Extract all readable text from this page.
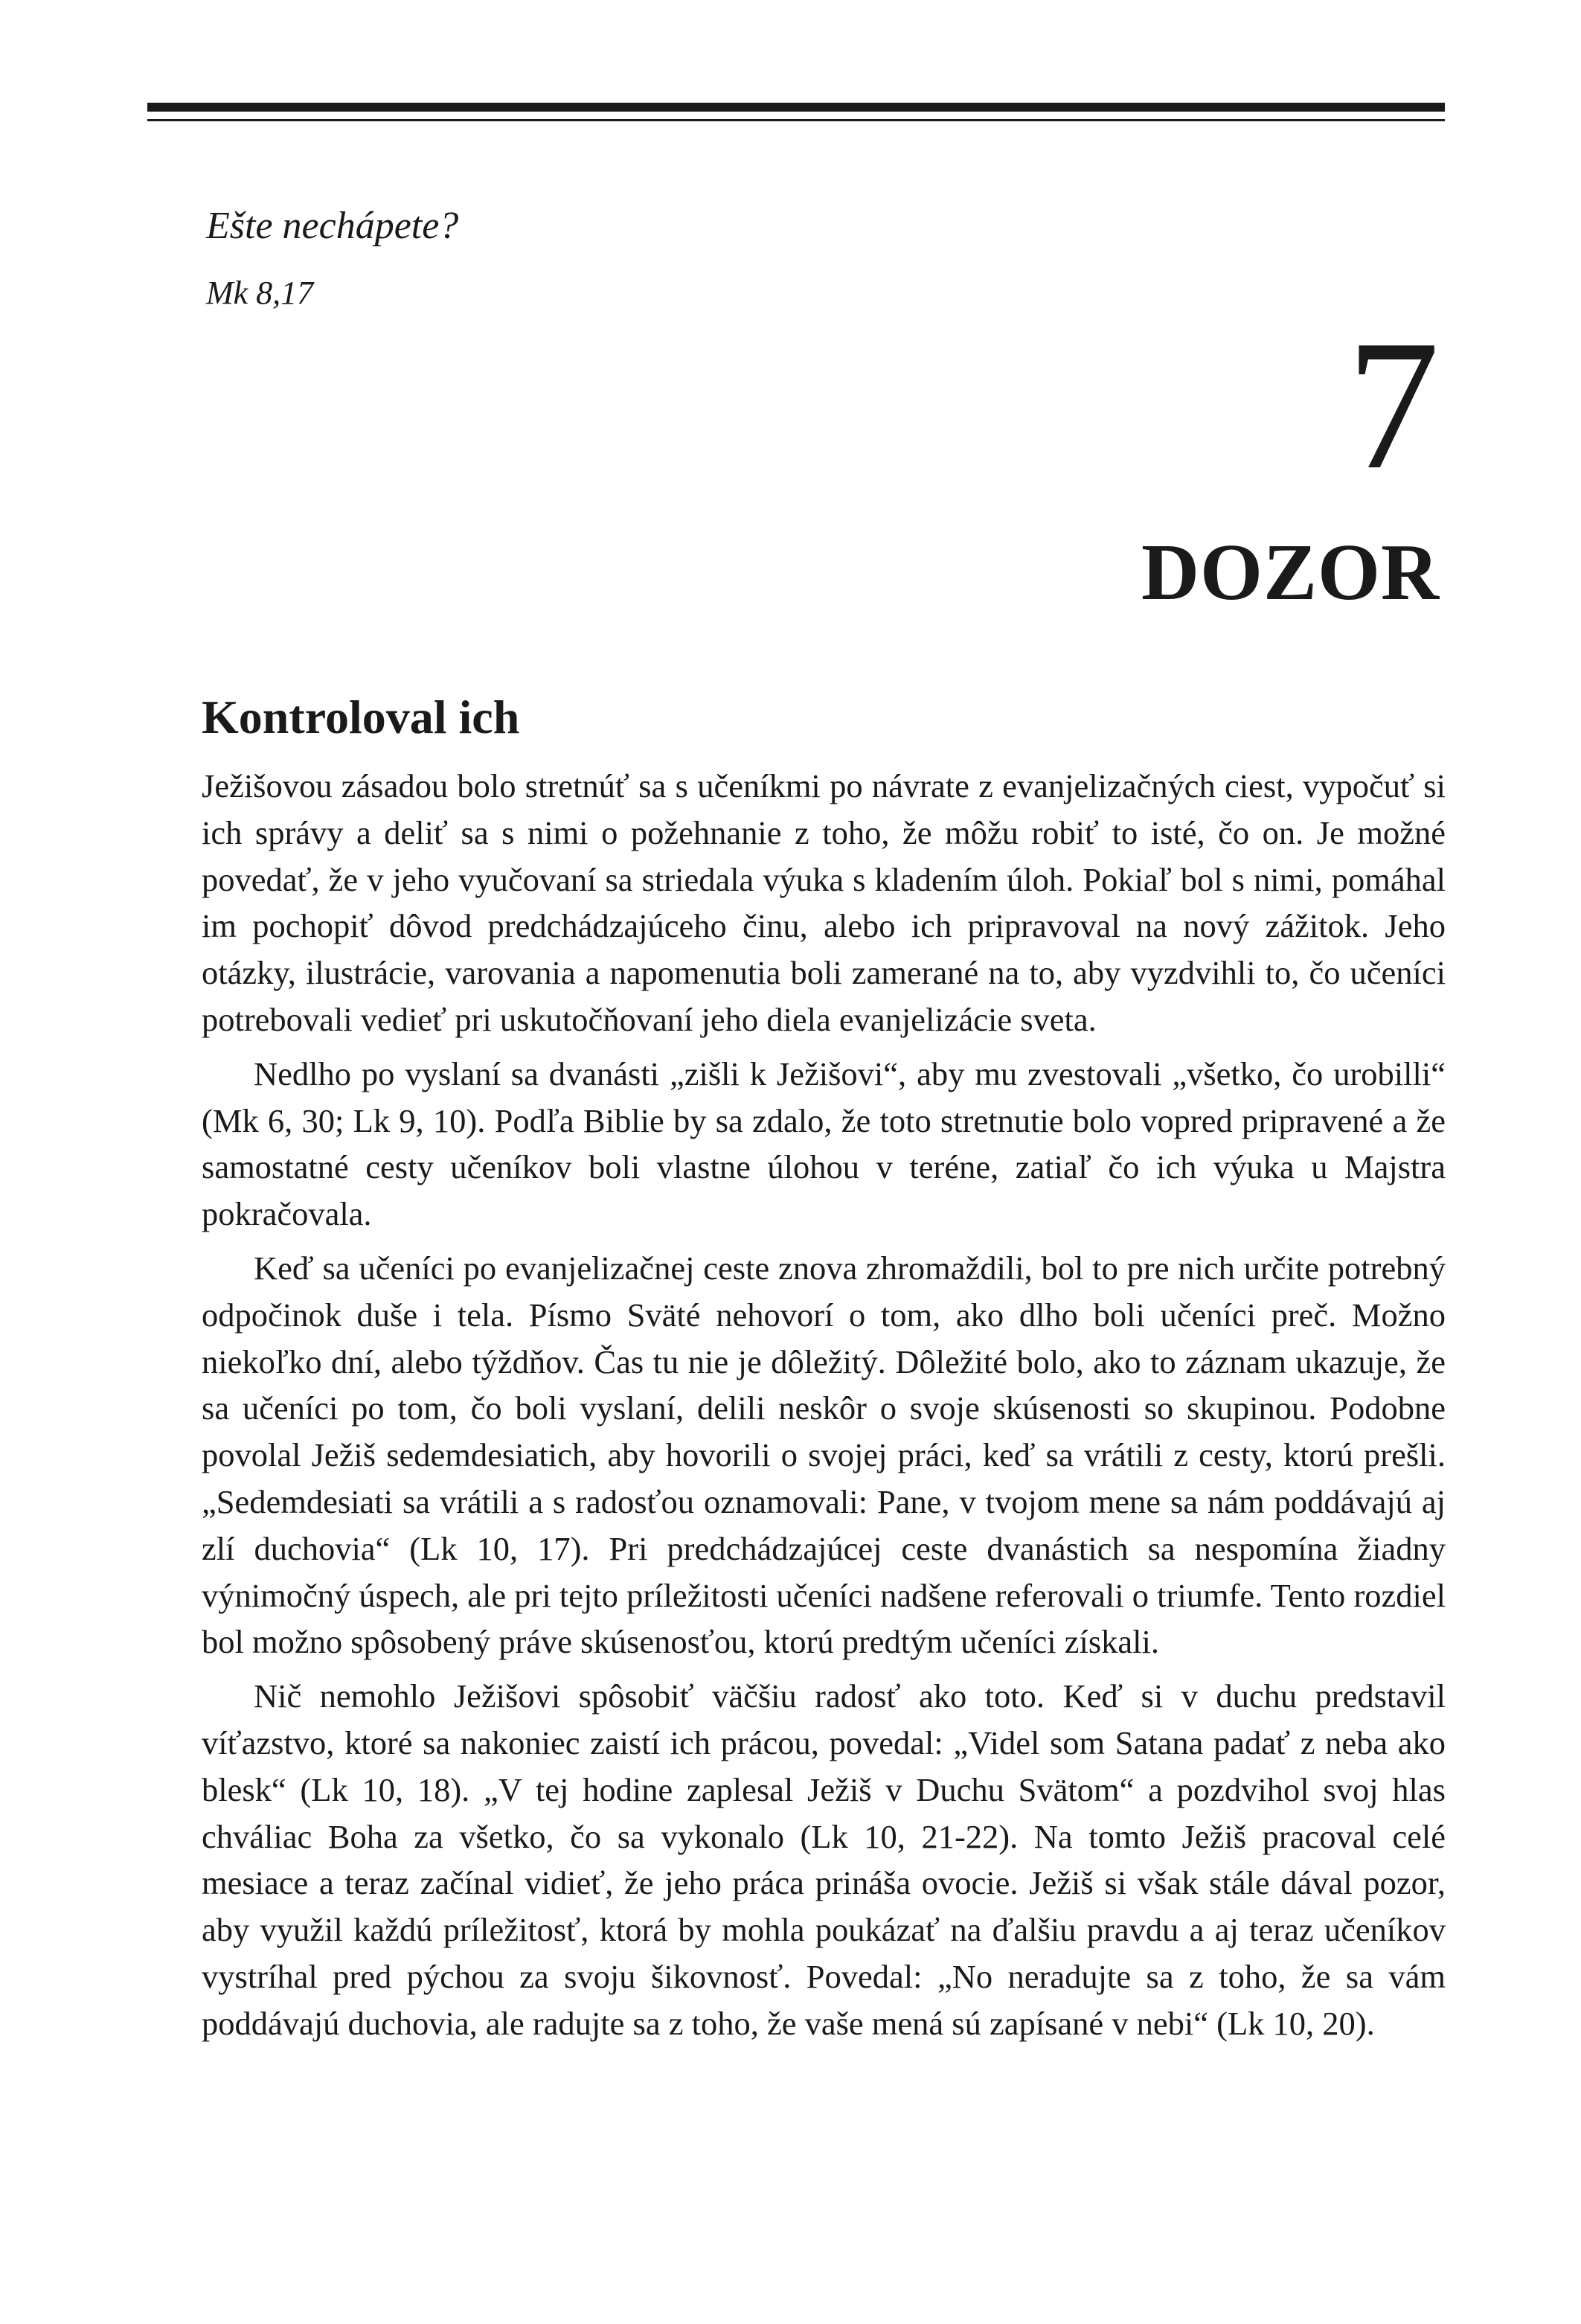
Ešte nechápete?
Mk 8,17
7
DOZOR
Kontroloval ich

Ježišovou zásadou bolo stretnúť sa s učeníkmi po návrate z evanjelizačných ciest, vypočuť si ich správy a deliť sa s nimi o požehnanie z toho, že môžu robiť to isté, čo on. Je možné povedať, že v jeho vyučovaní sa striedala výuka s kladením úloh. Pokiaľ bol s nimi, pomáhal im pochopiť dôvod predchádzajúceho činu, alebo ich pripravoval na nový zážitok. Jeho otázky, ilustrácie, varovania a napomenutia boli zamerané na to, aby vyzdvihli to, čo učeníci potrebovali vedieť pri uskutočňovaní jeho diela evanjelizácie sveta.

Nedlho po vyslaní sa dvanásti „zišli k Ježišovi“, aby mu zvestovali „všetko, čo urobilli“ (Mk 6, 30; Lk 9, 10). Podľa Biblie by sa zdalo, že toto stretnutie bolo vopred pripravené a že samostatné cesty učeníkov boli vlastne úlohou v teréne, zatiaľ čo ich výuka u Majstra pokračovala.

Keď sa učeníci po evanjelizačnej ceste znova zhromaždili, bol to pre nich určite potrebný odpočinok duše i tela. Písmo Sväté nehovorí o tom, ako dlho boli učeníci preč. Možno niekoľko dní, alebo týždňov. Čas tu nie je dôležitý. Dôležité bolo, ako to záznam ukazuje, že sa učeníci po tom, čo boli vyslaní, delili neskôr o svoje skúsenosti so skupinou. Podobne povolal Ježiš sedemdesiatich, aby hovorili o svojej práci, keď sa vrátili z cesty, ktorú prešli. „Sedemdesiati sa vrátili a s radosťou oznamovali: Pane, v tvojom mene sa nám poddávajú aj zlí duchovia“ (Lk 10, 17). Pri predchádzajúcej ceste dvanástich sa nespomína žiadny výnimočný úspech, ale pri tejto príležitosti učeníci nadšene referovali o triumfe. Tento rozdiel bol možno spôsobený práve skúsenosťou, ktorú predtým učeníci získali.

Nič nemohlo Ježišovi spôsobiť väčšiu radosť ako toto. Keď si v duchu predstavil víťazstvo, ktoré sa nakoniec zaistí ich prácou, povedal: „Videl som Satana padať z neba ako blesk“ (Lk 10, 18). „V tej hodine zaplesal Ježiš v Duchu Svätom“ a pozdvihol svoj hlas chváliac Boha za všetko, čo sa vykonalo (Lk 10, 21-22). Na tomto Ježiš pracoval celé mesiace a teraz začínal vidieť, že jeho práca prináša ovocie. Ježiš si však stále dával pozor, aby využil každú príležitosť, ktorá by mohla poukázať na ďalšiu pravdu a aj teraz učeníkov vystríhal pred pýchou za svoju šikovnosť. Povedal: „No neradujte sa z toho, že sa vám poddávajú duchovia, ale radujte sa z toho, že vaše mená sú zapísané v nebi“ (Lk 10, 20).
